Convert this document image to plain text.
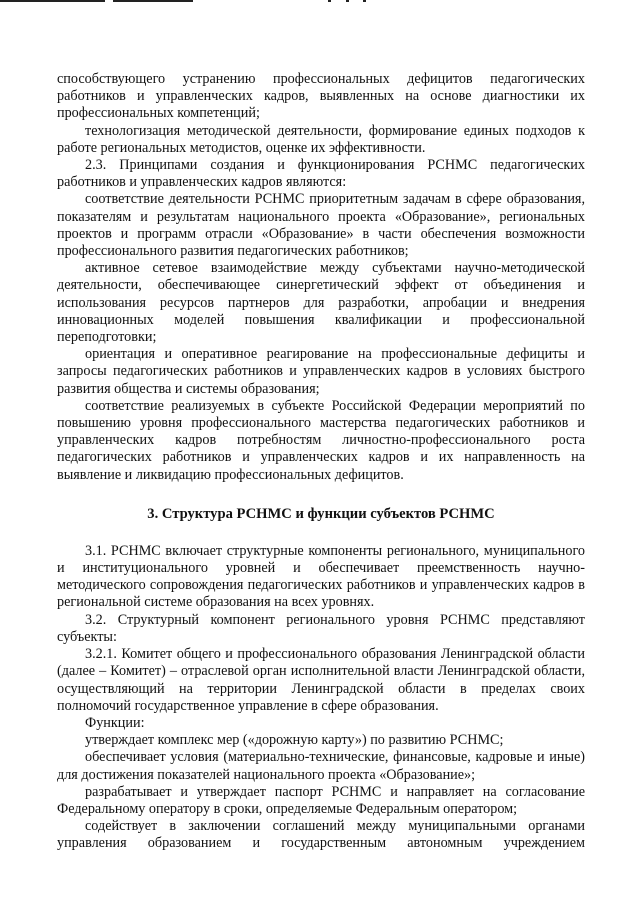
способствующего устранению профессиональных дефицитов педагогических работников и управленческих кадров, выявленных на основе диагностики их профессиональных компетенций;

технологизация методической деятельности, формирование единых подходов к работе региональных методистов, оценке их эффективности.

2.3. Принципами создания и функционирования РСНМС педагогических работников и управленческих кадров являются:

соответствие деятельности РСНМС приоритетным задачам в сфере образования, показателям и результатам национального проекта «Образование», региональных проектов и программ отрасли «Образование» в части обеспечения возможности профессионального развития педагогических работников;

активное сетевое взаимодействие между субъектами научно-методической деятельности, обеспечивающее синергетический эффект от объединения и использования ресурсов партнеров для разработки, апробации и внедрения инновационных моделей повышения квалификации и профессиональной переподготовки;

ориентация и оперативное реагирование на профессиональные дефициты и запросы педагогических работников и управленческих кадров в условиях быстрого развития общества и системы образования;

соответствие реализуемых в субъекте Российской Федерации мероприятий по повышению уровня профессионального мастерства педагогических работников и управленческих кадров потребностям личностно-профессионального роста педагогических работников и управленческих кадров и их направленность на выявление и ликвидацию профессиональных дефицитов.

3. Структура РСНМС и функции субъектов РСНМС

3.1. РСНМС включает структурные компоненты регионального, муниципального и институционального уровней и обеспечивает преемственность научно-методического сопровождения педагогических работников и управленческих кадров в региональной системе образования на всех уровнях.

3.2. Структурный компонент регионального уровня РСНМС представляют субъекты:

3.2.1. Комитет общего и профессионального образования Ленинградской области (далее – Комитет) – отраслевой орган исполнительной власти Ленинградской области, осуществляющий на территории Ленинградской области в пределах своих полномочий государственное управление в сфере образования.

Функции:

утверждает комплекс мер («дорожную карту») по развитию РСНМС;

обеспечивает условия (материально-технические, финансовые, кадровые и иные) для достижения показателей национального проекта «Образование»;

разрабатывает и утверждает паспорт РСНМС и направляет на согласование Федеральному оператору в сроки, определяемые Федеральным оператором;

содействует в заключении соглашений между муниципальными органами управления образованием и государственным автономным учреждением
